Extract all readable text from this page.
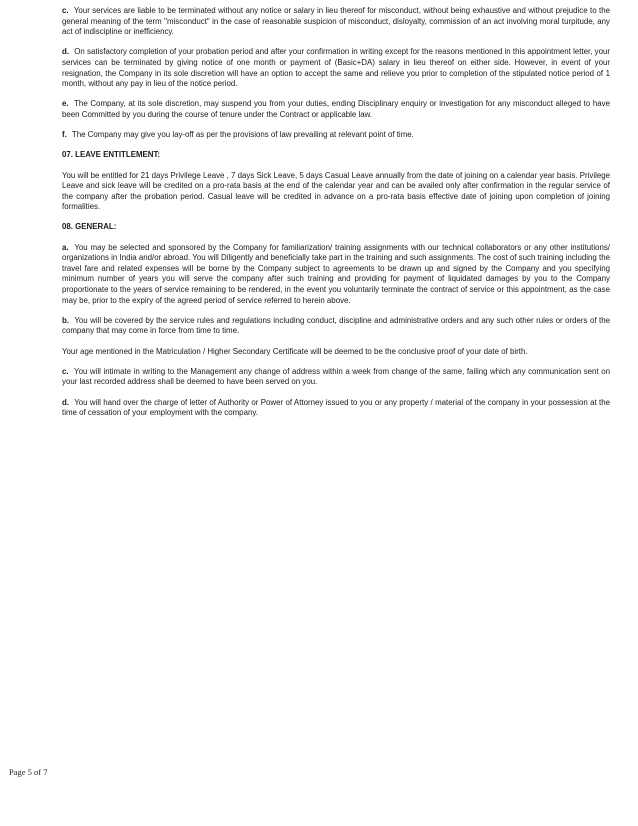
c. Your services are liable to be terminated without any notice or salary in lieu thereof for misconduct, without being exhaustive and without prejudice to the general meaning of the term "misconduct" in the case of reasonable suspicion of misconduct, disloyalty, commission of an act involving moral turpitude, any act of indiscipline or inefficiency.

d. On satisfactory completion of your probation period and after your confirmation in writing except for the reasons mentioned in this appointment letter, your services can be terminated by giving notice of one month or payment of (Basic+DA) salary in lieu thereof on either side. However, in event of your resignation, the Company in its sole discretion will have an option to accept the same and relieve you prior to completion of the stipulated notice period of 1 month, without any pay in lieu of the notice period.

e. The Company, at its sole discretion, may suspend you from your duties, ending Disciplinary enquiry or investigation for any misconduct alleged to have been Committed by you during the course of tenure under the Contract or applicable law.

f. The Company may give you lay-off as per the provisions of law prevailing at relevant point of time.

07. LEAVE ENTITLEMENT:

You will be entitled for 21 days Privilege Leave , 7 days Sick Leave, 5 days Casual Leave annually from the date of joining on a calendar year basis. Privilege Leave and sick leave will be credited on a pro-rata basis at the end of the calendar year and can be availed only after confirmation in the regular service of the company after the probation period. Casual leave will be credited in advance on a pro-rata basis effective date of joining upon completion of joining formalities.

08. GENERAL:

a. You may be selected and sponsored by the Company for familiarization/ training assignments with our technical collaborators or any other institutions/ organizations in India and/or abroad. You will Diligently and beneficially take part in the training and such assignments. The cost of such training including the travel fare and related expenses will be borne by the Company subject to agreements to be drawn up and signed by the Company and you specifying minimum number of years you will serve the company after such training and providing for payment of liquidated damages by you to the Company proportionate to the years of service remaining to be rendered, in the event you voluntarily terminate the contract of service or this appointment, as the case may be, prior to the expiry of the agreed period of service referred to herein above.

b. You will be covered by the service rules and regulations including conduct, discipline and administrative orders and any such other rules or orders of the company that may come in force from time to time.

Your age mentioned in the Matriculation / Higher Secondary Certificate will be deemed to be the conclusive proof of your date of birth.

c. You will intimate in writing to the Management any change of address within a week from change of the same, failing which any communication sent on your last recorded address shall be deemed to have been served on you.

d. You will hand over the charge of letter of Authority or Power of Attorney issued to you or any property / material of the company in your possession at the time of cessation of your employment with the company.

Page 5 of 7
